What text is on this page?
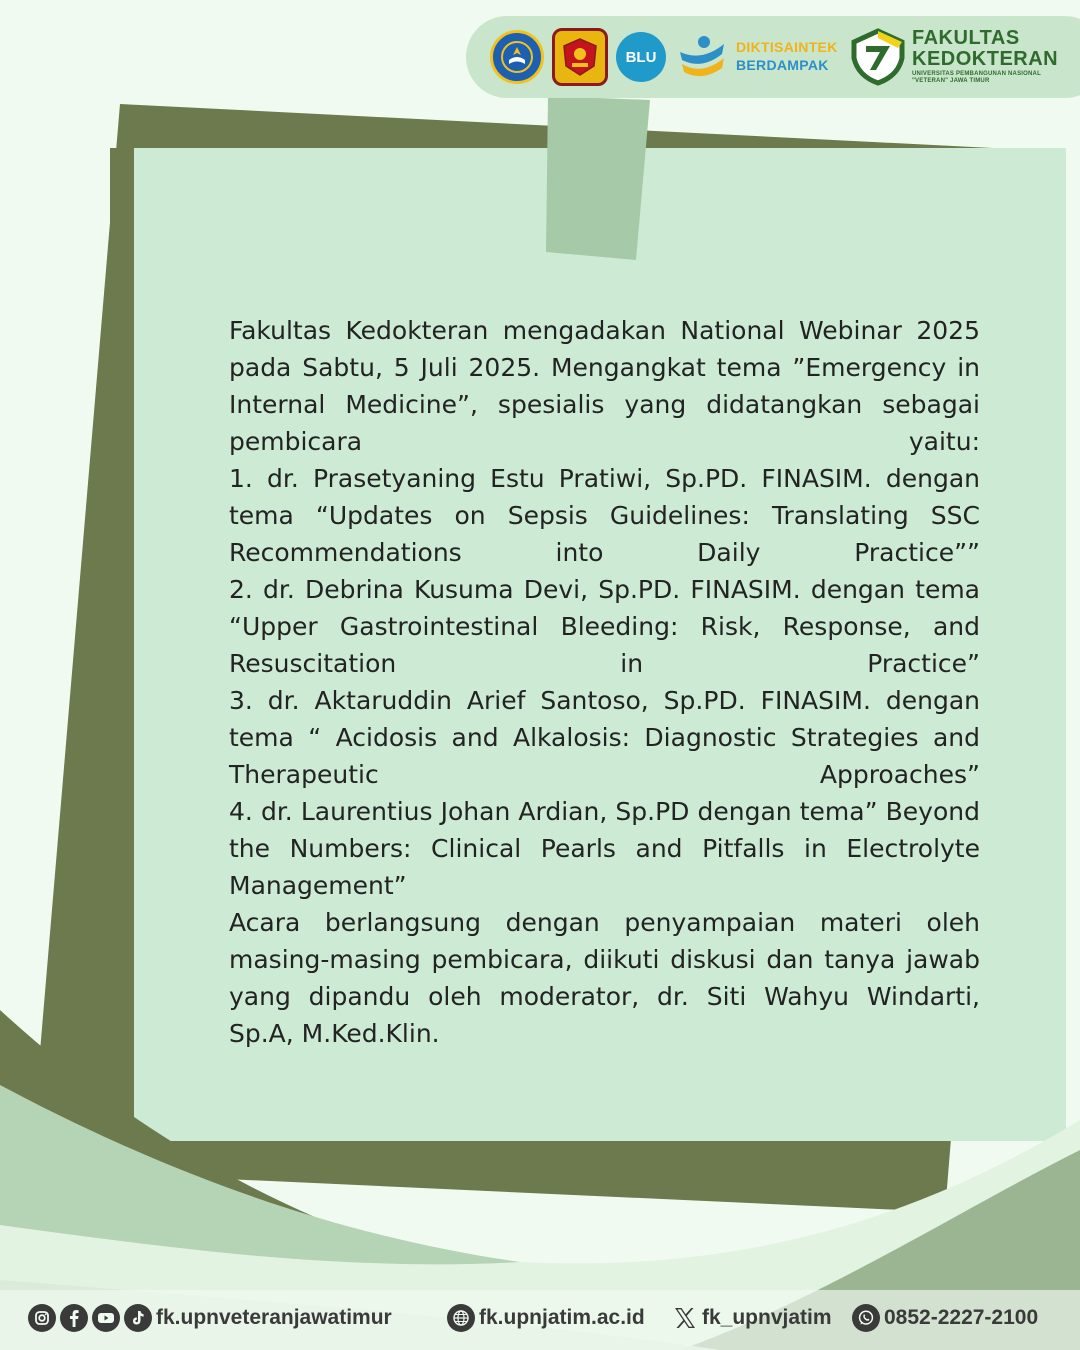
BLU
DIKTISAINTEK
BERDAMPAK
FAKULTAS
KEDOKTERAN
UNIVERSITAS PEMBANGUNAN NASIONAL
"VETERAN" JAWA TIMUR

Fakultas Kedokteran mengadakan National Webinar 2025 pada Sabtu, 5 Juli 2025. Mengangkat tema ”Emergency in Internal Medicine”, spesialis yang didatangkan sebagai pembicara yaitu:

1. dr. Prasetyaning Estu Pratiwi, Sp.PD. FINASIM. dengan tema “Updates on Sepsis Guidelines: Translating SSC Recommendations into Daily Practice””

2. dr. Debrina Kusuma Devi, Sp.PD. FINASIM. dengan tema “Upper Gastrointestinal Bleeding: Risk, Response, and Resuscitation in Practice”

3. dr. Aktaruddin Arief Santoso, Sp.PD. FINASIM. dengan tema “ Acidosis and Alkalosis: Diagnostic Strategies and Therapeutic Approaches”

4. dr. Laurentius Johan Ardian, Sp.PD dengan tema” Beyond the Numbers: Clinical Pearls and Pitfalls in Electrolyte Management”

Acara berlangsung dengan penyampaian materi oleh masing-masing pembicara, diikuti diskusi dan tanya jawab yang dipandu oleh moderator, dr. Siti Wahyu Windarti, Sp.A, M.Ked.Klin.

fk.upnveteranjawatimur	fk.upnjatim.ac.id	fk_upnvjatim 0852-2227-2100
